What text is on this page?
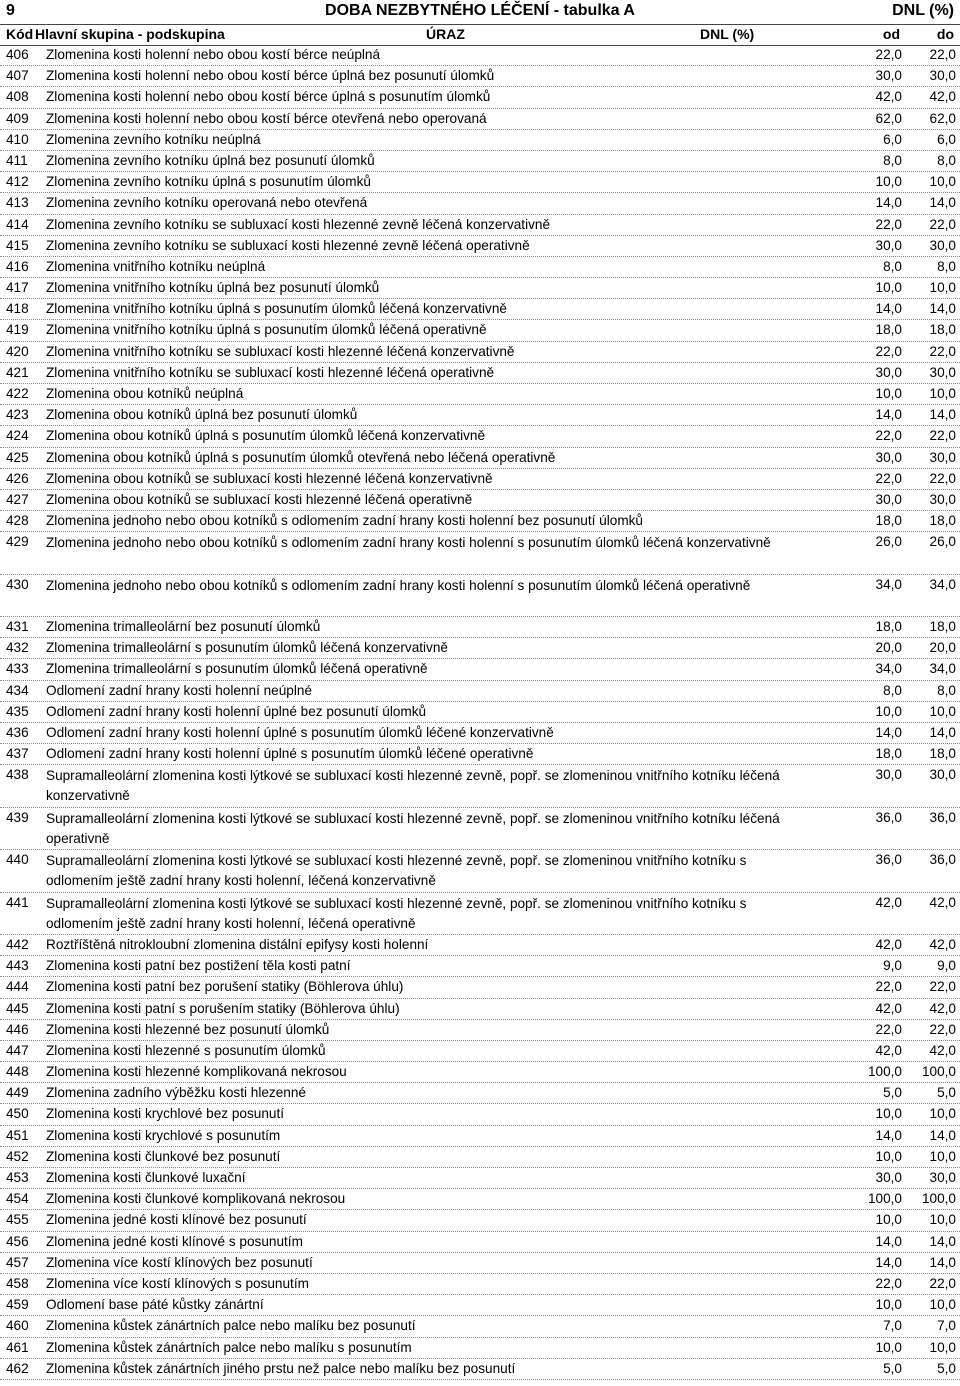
9	DOBA NEZBYTNÉHO LÉČENÍ - tabulka A	DNL (%)
Kód Hlavní skupina - podskupina	ÚRAZ	DNL (%)	od	do
406	Zlomenina kosti holenní nebo obou kostí bérce neúplná	22,0 22,0
407	Zlomenina kosti holenní nebo obou kostí bérce úplná bez posunutí úlomků	30,0 30,0
408	Zlomenina kosti holenní nebo obou kostí bérce úplná s posunutím úlomků	42,0 42,0
409	Zlomenina kosti holenní nebo obou kostí bérce otevřená nebo operovaná	62,0 62,0
410	Zlomenina zevního kotníku neúplná	6,0	6,0
411	Zlomenina zevního kotníku úplná bez posunutí úlomků	8,0	8,0
412	Zlomenina zevního kotníku úplná s posunutím úlomků	10,0 10,0
413	Zlomenina zevního kotníku operovaná nebo otevřená	14,0 14,0
414	Zlomenina zevního kotníku se subluxací kosti hlezenné zevně léčená konzervativně	22,0 22,0
415	Zlomenina zevního kotníku se subluxací kosti hlezenné zevně léčená operativně	30,0 30,0
416	Zlomenina vnitřního kotníku neúplná	8,0	8,0
417	Zlomenina vnitřního kotníku úplná bez posunutí úlomků	10,0 10,0
418	Zlomenina vnitřního kotníku úplná s posunutím úlomků léčená konzervativně	14,0 14,0
419	Zlomenina vnitřního kotníku úplná s posunutím úlomků léčená operativně	18,0 18,0
420	Zlomenina vnitřního kotníku se subluxací kosti hlezenné léčená konzervativně	22,0 22,0
421	Zlomenina vnitřního kotníku se subluxací kosti hlezenné léčená operativně	30,0 30,0
422	Zlomenina obou kotníků neúplná	10,0 10,0
423	Zlomenina obou kotníků úplná bez posunutí úlomků	14,0 14,0
424	Zlomenina obou kotníků úplná s posunutím úlomků léčená konzervativně	22,0 22,0
425	Zlomenina obou kotníků úplná s posunutím úlomků otevřená nebo léčená operativně	30,0 30,0
426	Zlomenina obou kotníků se subluxací kosti hlezenné léčená konzervativně	22,0 22,0
427	Zlomenina obou kotníků se subluxací kosti hlezenné léčená operativně	30,0 30,0
428	Zlomenina jednoho nebo obou kotníků s odlomením zadní hrany kosti holenní bez posunutí úlomků	18,0 18,0
429	Zlomenina jednoho nebo obou kotníků s odlomením zadní hrany kosti holenní s posunutím úlomků léčená konzervativně	26,0 26,0
430	Zlomenina jednoho nebo obou kotníků s odlomením zadní hrany kosti holenní s posunutím úlomků léčená operativně	34,0 34,0
431	Zlomenina trimalleolární bez posunutí úlomků	18,0 18,0
432	Zlomenina trimalleolární s posunutím úlomků léčená konzervativně	20,0 20,0
433	Zlomenina trimalleolární s posunutím úlomků léčená operativně	34,0 34,0
434	Odlomení zadní hrany kosti holenní neúplné	8,0	8,0
435	Odlomení zadní hrany kosti holenní úplné bez posunutí úlomků	10,0 10,0
436	Odlomení zadní hrany kosti holenní úplné s posunutím úlomků léčené konzervativně	14,0 14,0
437	Odlomení zadní hrany kosti holenní úplné s posunutím úlomků léčené operativně	18,0 18,0
438	Supramalleolární zlomenina kosti lýtkové se subluxací kosti hlezenné zevně, popř. se zlomeninou vnitřního kotníku léčená konzervativně
30,0 30,0
439	Supramalleolární zlomenina kosti lýtkové se subluxací kosti hlezenné zevně, popř. se zlomeninou vnitřního kotníku léčená operativně
36,0 36,0
440	Supramalleolární zlomenina kosti lýtkové se subluxací kosti hlezenné zevně, popř. se zlomeninou vnitřního kotníku s odlomením ještě zadní hrany kosti holenní, léčená konzervativně
36,0 36,0
441	Supramalleolární zlomenina kosti lýtkové se subluxací kosti hlezenné zevně, popř. se zlomeninou vnitřního kotníku s odlomením ještě zadní hrany kosti holenní, léčená operativně
42,0 42,0
442	Roztříštěná nitrokloubní zlomenina distální epifysy kosti holenní	42,0 42,0
443	Zlomenina kosti patní bez postižení těla kosti patní	9,0	9,0
444	Zlomenina kosti patní bez porušení statiky (Böhlerova úhlu)	22,0 22,0
445	Zlomenina kosti patní s porušením statiky (Böhlerova úhlu)	42,0 42,0
446	Zlomenina kosti hlezenné bez posunutí úlomků	22,0 22,0
447	Zlomenina kosti hlezenné s posunutím úlomků	42,0 42,0
448	Zlomenina kosti hlezenné komplikovaná nekrosou	100,0 100,0
449	Zlomenina zadního výběžku kosti hlezenné	5,0	5,0
450	Zlomenina kosti krychlové bez posunutí	10,0 10,0
451	Zlomenina kosti krychlové s posunutím	14,0 14,0
452	Zlomenina kosti člunkové bez posunutí	10,0 10,0
453	Zlomenina kosti člunkové luxační	30,0 30,0
454	Zlomenina kosti člunkové komplikovaná nekrosou	100,0 100,0
455	Zlomenina jedné kosti klínové bez posunutí	10,0 10,0
456	Zlomenina jedné kosti klínové s posunutím	14,0 14,0
457	Zlomenina více kostí klínových bez posunutí	14,0 14,0
458	Zlomenina více kostí klínových s posunutím	22,0 22,0
459	Odlomení base páté kůstky zánártní	10,0 10,0
460	Zlomenina kůstek zánártních palce nebo malíku bez posunutí	7,0	7,0
461	Zlomenina kůstek zánártních palce nebo malíku s posunutím	10,0 10,0
462	Zlomenina kůstek zánártních jiného prstu než palce nebo malíku bez posunutí	5,0	5,0
